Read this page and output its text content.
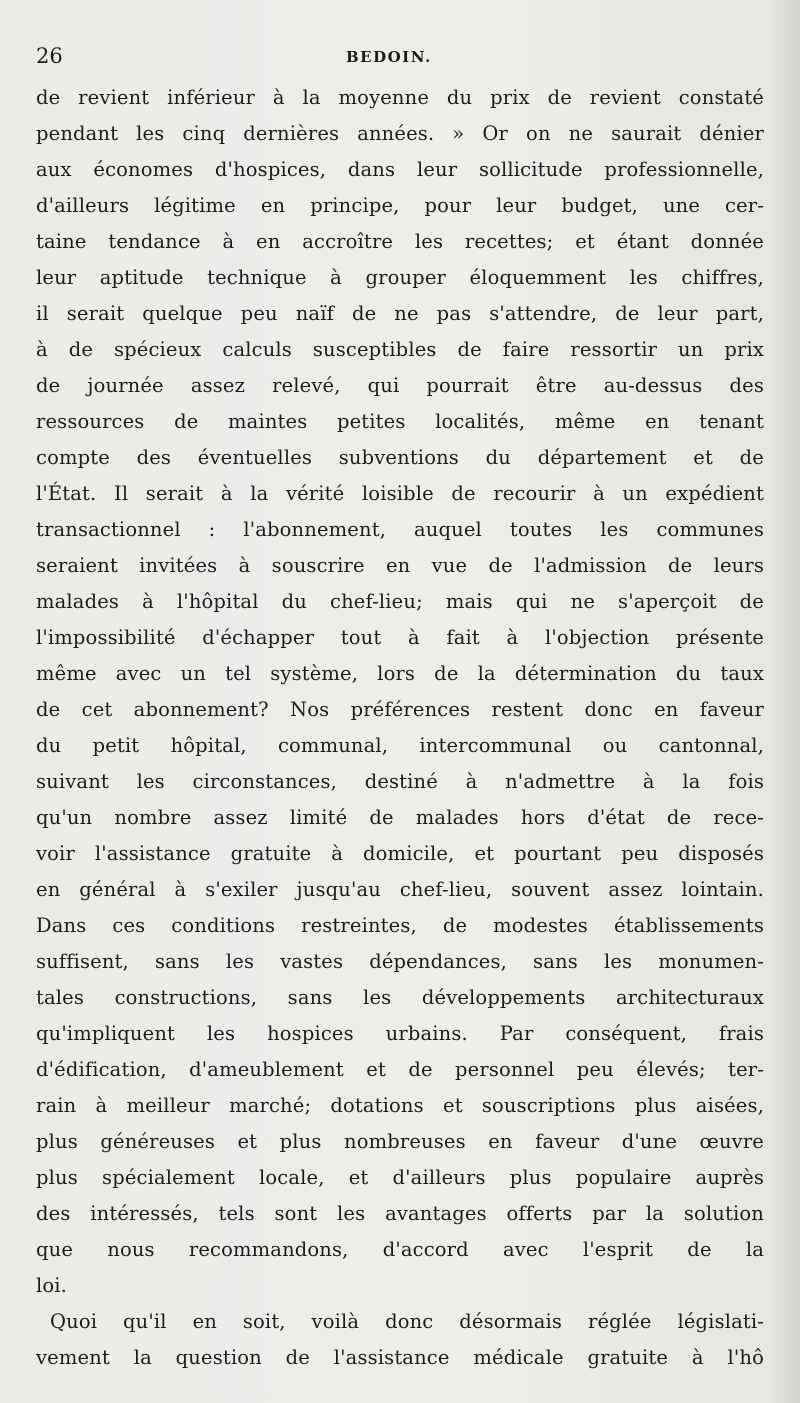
26	BEDOIN.
de revient inférieur à la moyenne du prix de revient constaté
pendant les cinq dernières années. » Or on ne saurait dénier
aux économes d'hospices, dans leur sollicitude professionnelle,
d'ailleurs légitime en principe, pour leur budget, une cer-
taine tendance à en accroître les recettes; et étant donnée
leur aptitude technique à grouper éloquemment les chiffres,
il serait quelque peu naïf de ne pas s'attendre, de leur part,
à de spécieux calculs susceptibles de faire ressortir un prix
de journée assez relevé, qui pourrait être au-dessus des
ressources de maintes petites localités, même en tenant
compte des éventuelles subventions du département et de
l'État. Il serait à la vérité loisible de recourir à un expédient
transactionnel : l'abonnement, auquel toutes les communes
seraient invitées à souscrire en vue de l'admission de leurs
malades à l'hôpital du chef-lieu; mais qui ne s'aperçoit de
l'impossibilité d'échapper tout à fait à l'objection présente
même avec un tel système, lors de la détermination du taux
de cet abonnement? Nos préférences restent donc en faveur
du petit hôpital, communal, intercommunal ou cantonnal,
suivant les circonstances, destiné à n'admettre à la fois
qu'un nombre assez limité de malades hors d'état de rece-
voir l'assistance gratuite à domicile, et pourtant peu disposés
en général à s'exiler jusqu'au chef-lieu, souvent assez lointain.
Dans ces conditions restreintes, de modestes établissements
suffisent, sans les vastes dépendances, sans les monumen-
tales constructions, sans les développements architecturaux
qu'impliquent les hospices urbains. Par conséquent, frais
d'édification, d'ameublement et de personnel peu élevés; ter-
rain à meilleur marché; dotations et souscriptions plus aisées,
plus généreuses et plus nombreuses en faveur d'une œuvre
plus spécialement locale, et d'ailleurs plus populaire auprès
des intéressés, tels sont les avantages offerts par la solution
que nous recommandons, d'accord avec l'esprit de la
loi.
Quoi qu'il en soit, voilà donc désormais réglée législati-
vement la question de l'assistance médicale gratuite à l'hô
